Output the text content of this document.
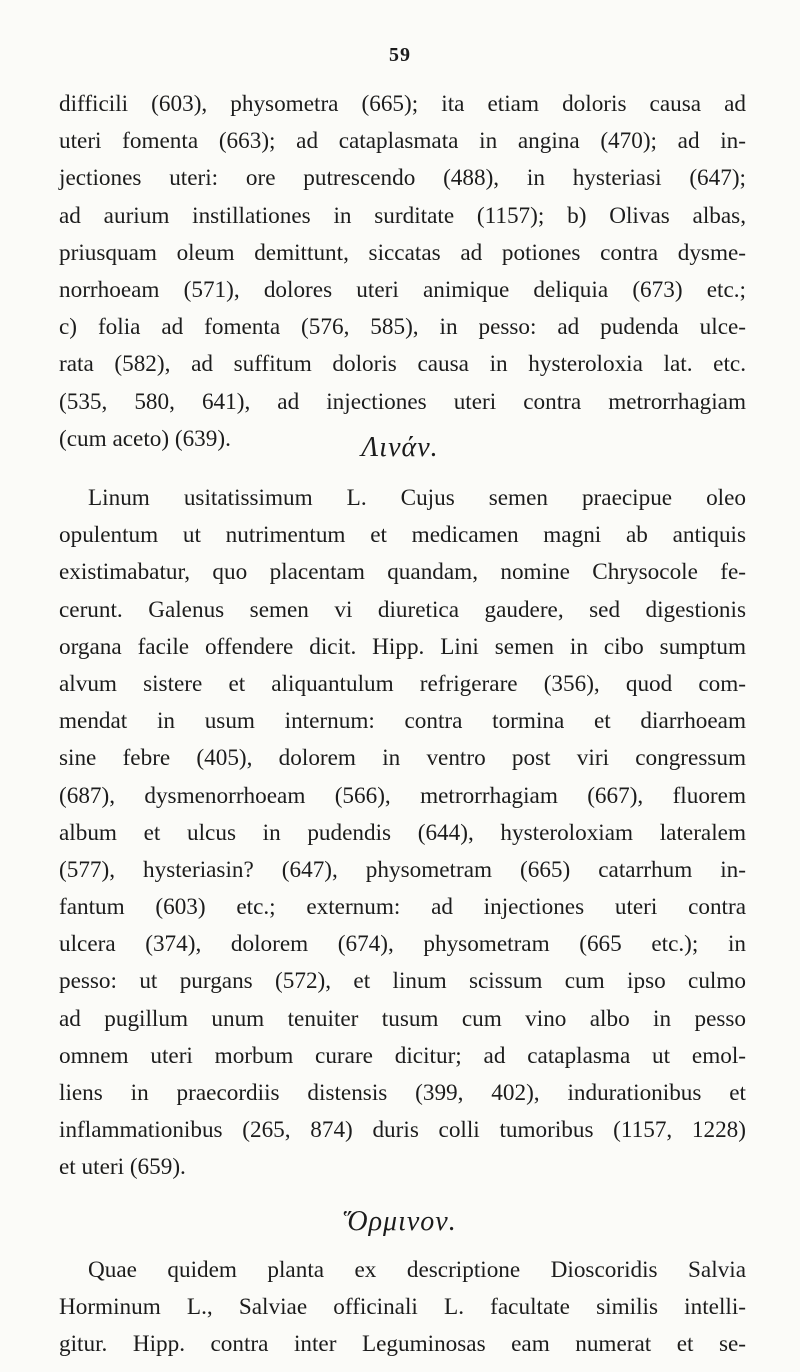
59
difficili (603), physometra (665); ita etiam doloris causa ad
uteri fomenta (663); ad cataplasmata in angina (470); ad in-
jectiones uteri: ore putrescendo (488), in hysteriasi (647);
ad aurium instillationes in surditate (1157); b) Olivas albas,
priusquam oleum demittunt, siccatas ad potiones contra dysme-
norrhoeam (571), dolores uteri animique deliquia (673) etc.;
c) folia ad fomenta (576, 585), in pesso: ad pudenda ulce-
rata (582), ad suffitum doloris causa in hysteroloxia lat. etc.
(535, 580, 641), ad injectiones uteri contra metrorrhagiam
(cum aceto) (639).	Λινάν.
Linum usitatissimum L. Cujus semen praecipue oleo
opulentum ut nutrimentum et medicamen magni ab antiquis
existimabatur, quo placentam quandam, nomine Chrysocole fe-
cerunt. Galenus semen vi diuretica gaudere, sed digestionis
organa facile offendere dicit. Hipp. Lini semen in cibo sumptum
alvum sistere et aliquantulum refrigerare (356), quod com-
mendat in usum internum: contra tormina et diarrhoeam
sine febre (405), dolorem in ventro post viri congressum
(687), dysmenorrhoeam (566), metrorrhagiam (667), fluorem
album et ulcus in pudendis (644), hysteroloxiam lateralem
(577), hysteriasin? (647), physometram (665) catarrhum in-
fantum (603) etc.; externum: ad injectiones uteri contra
ulcera (374), dolorem (674), physometram (665 etc.); in
pesso: ut purgans (572), et linum scissum cum ipso culmo
ad pugillum unum tenuiter tusum cum vino albo in pesso
omnem uteri morbum curare dicitur; ad cataplasma ut emol-
liens in praecordiis distensis (399, 402), indurationibus et
inflammationibus (265, 874) duris colli tumoribus (1157, 1228)
et uteri (659).
Ὅρμινον.
Quae quidem planta ex descriptione Dioscoridis Salvia
Horminum L., Salviae officinali L. facultate similis intelli-
gitur. Hipp. contra inter Leguminosas eam numerat et se-
